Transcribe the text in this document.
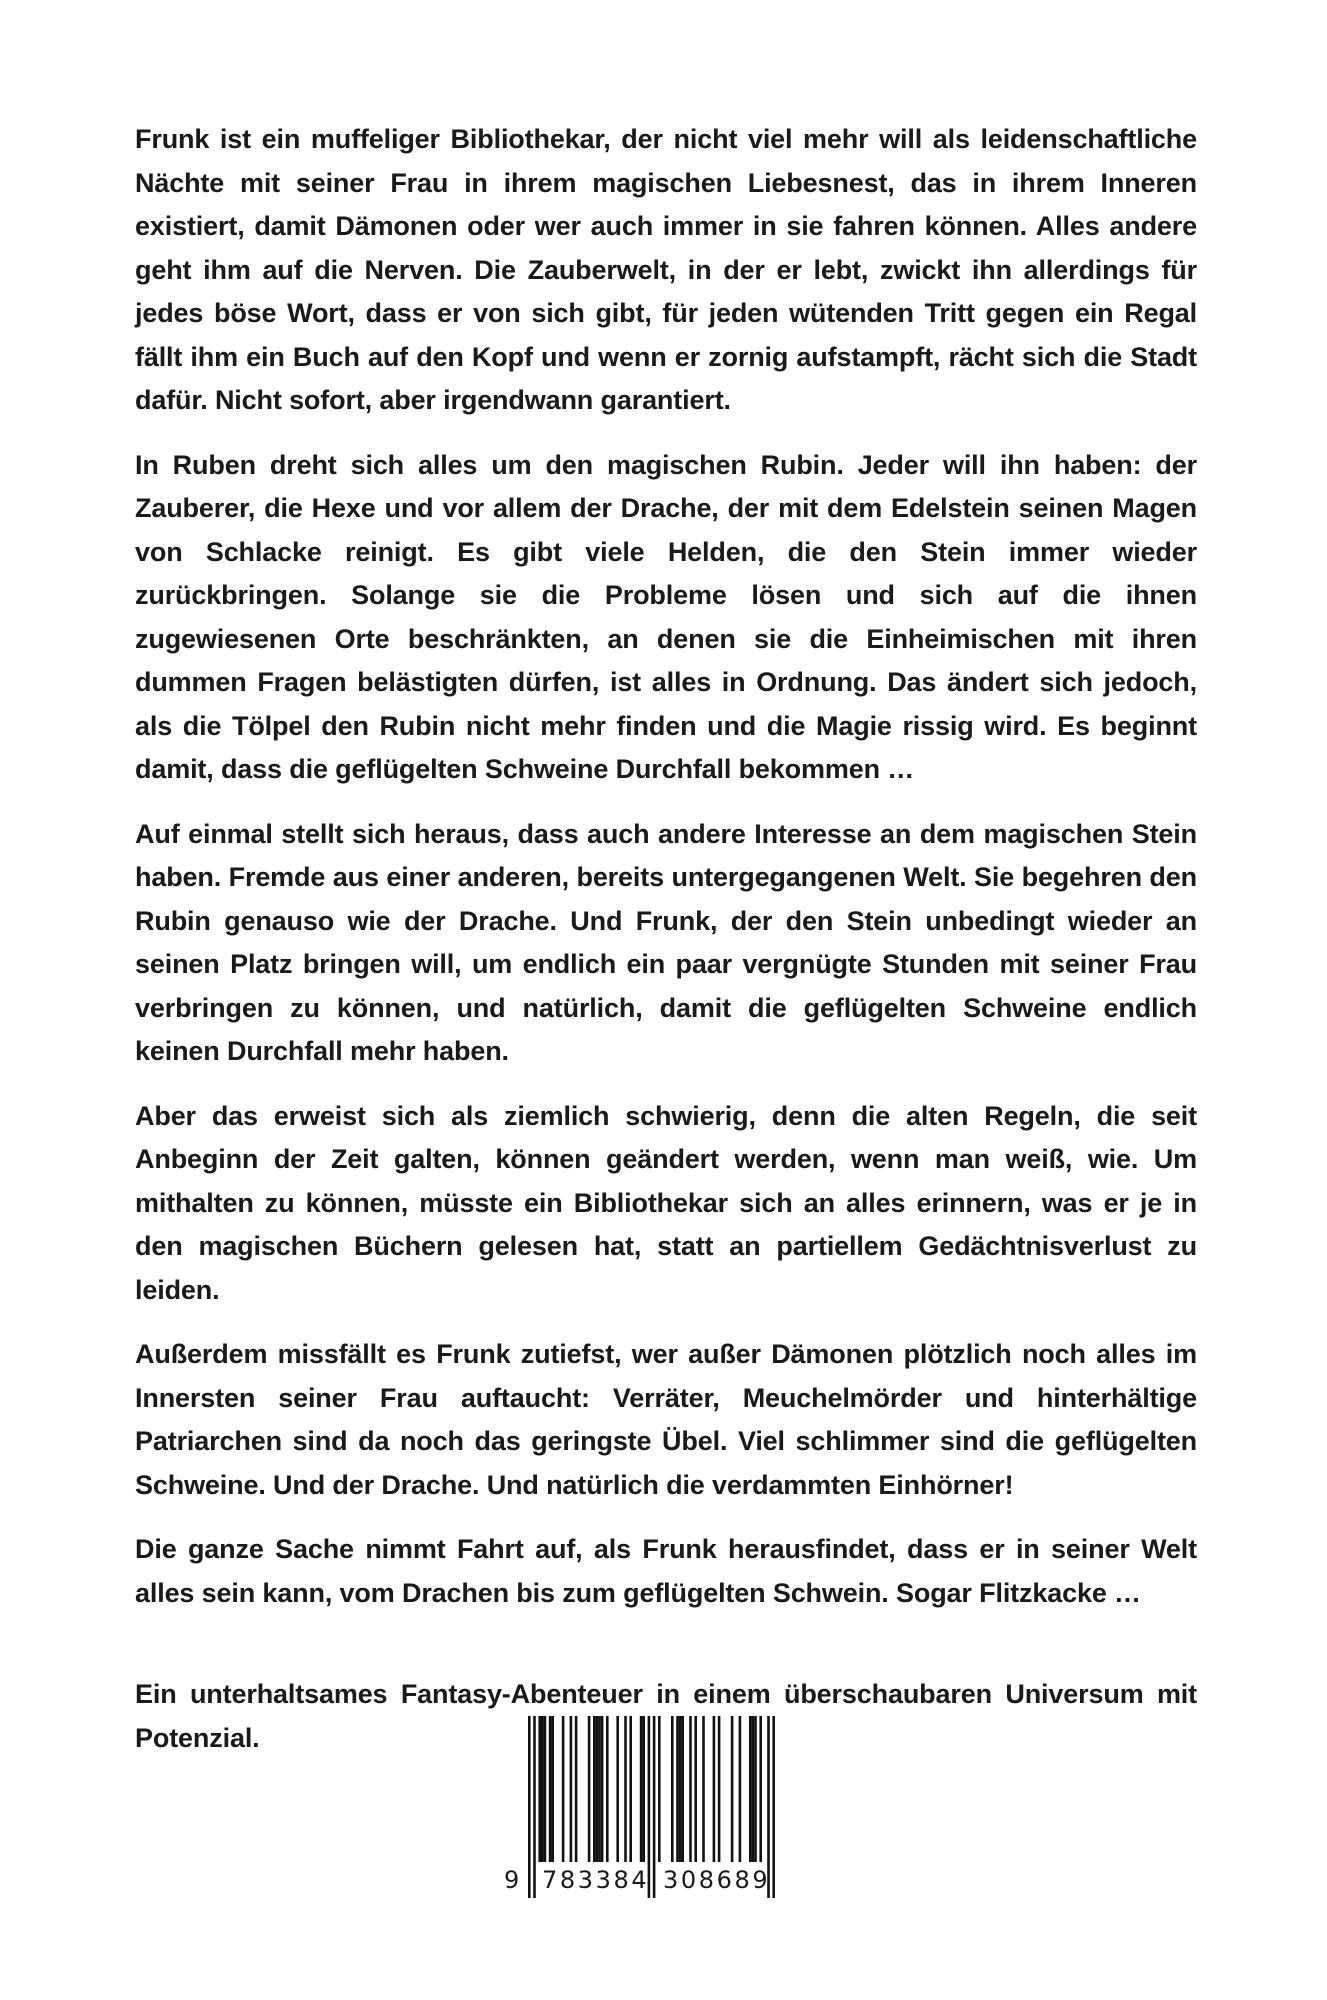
Frunk ist ein muffeliger Bibliothekar, der nicht viel mehr will als leidenschaftliche Nächte mit seiner Frau in ihrem magischen Liebesnest, das in ihrem Inneren existiert, damit Dämonen oder wer auch immer in sie fahren können. Alles andere geht ihm auf die Nerven. Die Zauberwelt, in der er lebt, zwickt ihn allerdings für jedes böse Wort, dass er von sich gibt, für jeden wütenden Tritt gegen ein Regal fällt ihm ein Buch auf den Kopf und wenn er zornig aufstampft, rächt sich die Stadt dafür. Nicht sofort, aber irgendwann garantiert.

In Ruben dreht sich alles um den magischen Rubin. Jeder will ihn haben: der Zauberer, die Hexe und vor allem der Drache, der mit dem Edelstein seinen Magen von Schlacke reinigt. Es gibt viele Helden, die den Stein immer wieder zurückbringen. Solange sie die Probleme lösen und sich auf die ihnen zugewiesenen Orte beschränkten, an denen sie die Einheimischen mit ihren dummen Fragen belästigten dürfen, ist alles in Ordnung. Das ändert sich jedoch, als die Tölpel den Rubin nicht mehr finden und die Magie rissig wird. Es beginnt damit, dass die geflügelten Schweine Durchfall bekommen …

Auf einmal stellt sich heraus, dass auch andere Interesse an dem magischen Stein haben. Fremde aus einer anderen, bereits untergegangenen Welt. Sie begehren den Rubin genauso wie der Drache. Und Frunk, der den Stein unbedingt wieder an seinen Platz bringen will, um endlich ein paar vergnügte Stunden mit seiner Frau verbringen zu können, und natürlich, damit die geflügelten Schweine endlich keinen Durchfall mehr haben.

Aber das erweist sich als ziemlich schwierig, denn die alten Regeln, die seit Anbeginn der Zeit galten, können geändert werden, wenn man weiß, wie. Um mithalten zu können, müsste ein Bibliothekar sich an alles erinnern, was er je in den magischen Büchern gelesen hat, statt an partiellem Gedächtnisverlust zu leiden.

Außerdem missfällt es Frunk zutiefst, wer außer Dämonen plötzlich noch alles im Innersten seiner Frau auftaucht: Verräter, Meuchelmörder und hinterhältige Patriarchen sind da noch das geringste Übel. Viel schlimmer sind die geflügelten Schweine. Und der Drache. Und natürlich die verdammten Einhörner!

Die ganze Sache nimmt Fahrt auf, als Frunk herausfindet, dass er in seiner Welt alles sein kann, vom Drachen bis zum geflügelten Schwein. Sogar Flitzkacke …

Ein unterhaltsames Fantasy-Abenteuer in einem überschaubaren Universum mit Potenzial.

9 783384 308689
